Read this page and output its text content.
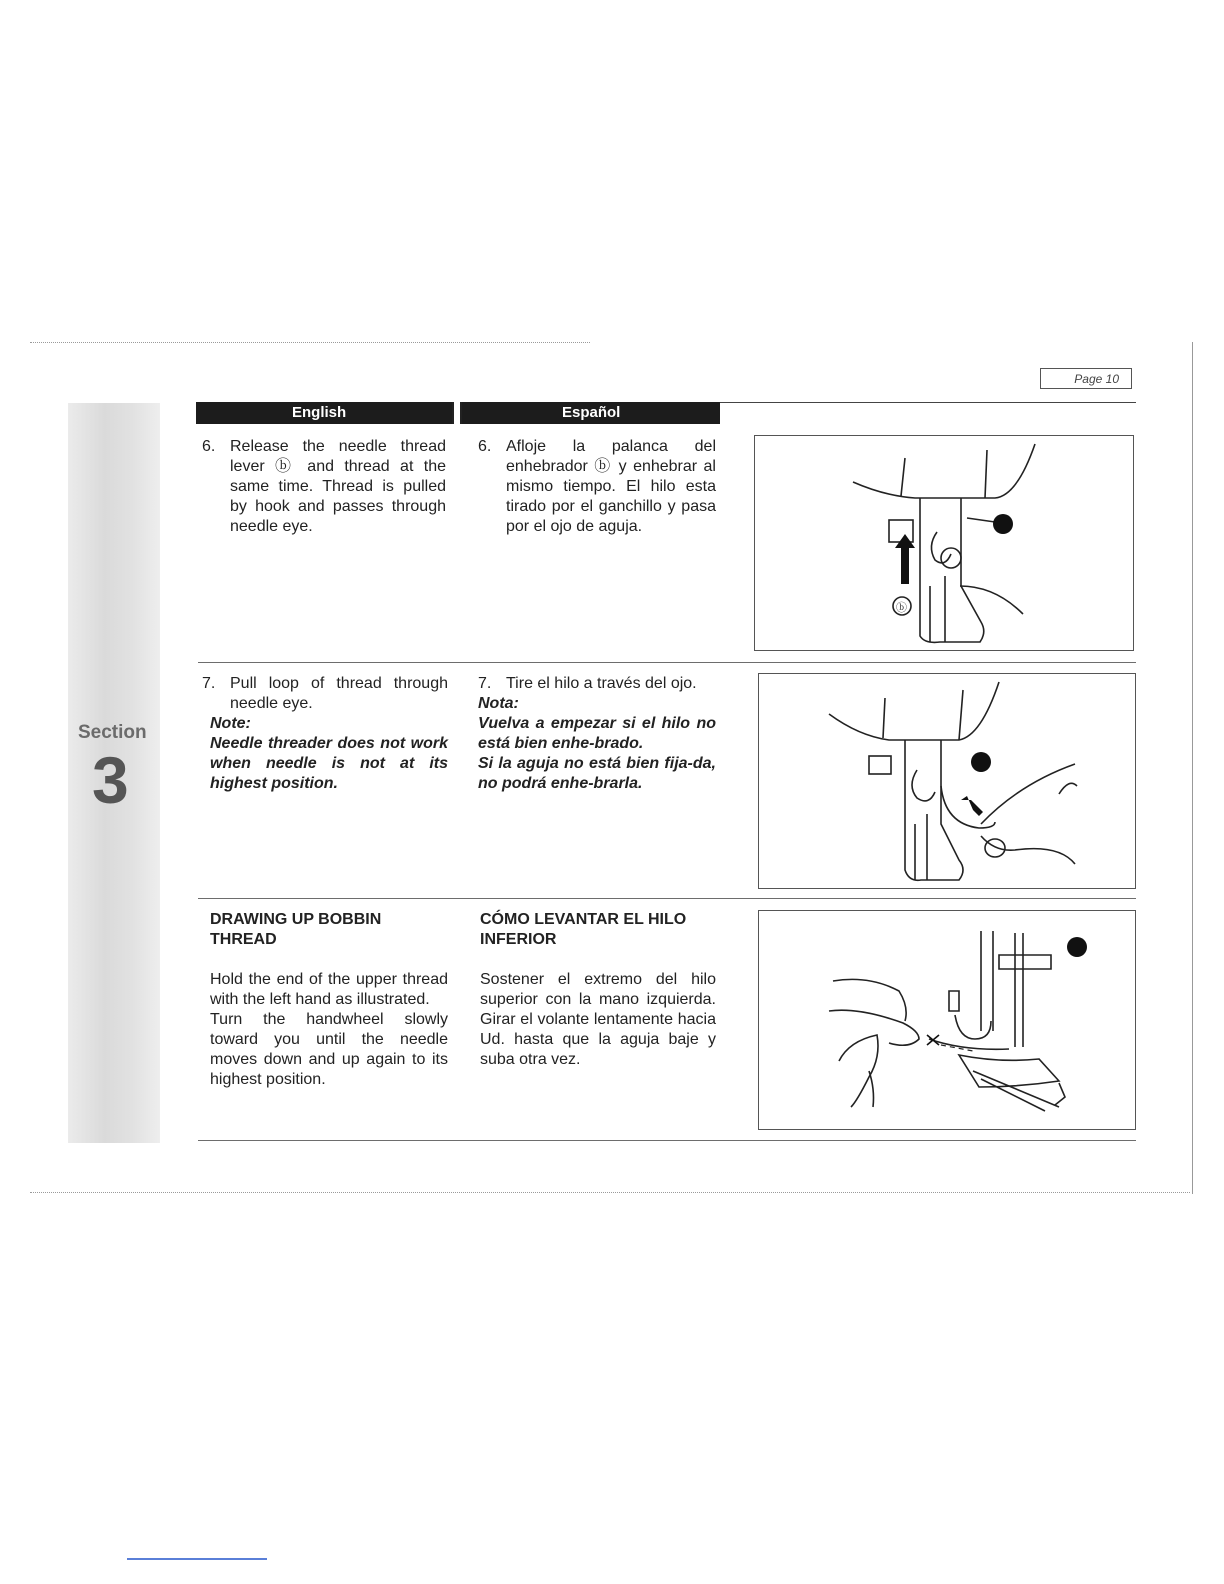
Section
3
Page 10
English	Español
6. Release the needle thread lever ⓑ and thread at the same time. Thread is pulled by hook and passes through needle eye.
6. Afloje la palanca del enhebrador ⓑ y enhebrar al mismo tiempo. El hilo esta tirado por el ganchillo y pasa por el ojo de aguja.
ⓑ
7. Pull loop of thread through needle eye.
Note:
Needle threader does not work when needle is not at its highest position.
7. Tire el hilo a través del ojo.
Nota:
Vuelva a empezar si el hilo no está bien enhe-brado.
Si la aguja no está bien fija-da, no podrá enhe-brarla.
DRAWING UP BOBBIN
THREAD
Hold the end of the upper thread with the left hand as illustrated.
Turn the handwheel slowly toward you until the needle moves down and up again to its highest position.
CÓMO LEVANTAR EL HILO
INFERIOR
Sostener el extremo del hilo superior con la mano izquierda. Girar el volante lentamente hacia Ud. hasta que la aguja baje y suba otra vez.
